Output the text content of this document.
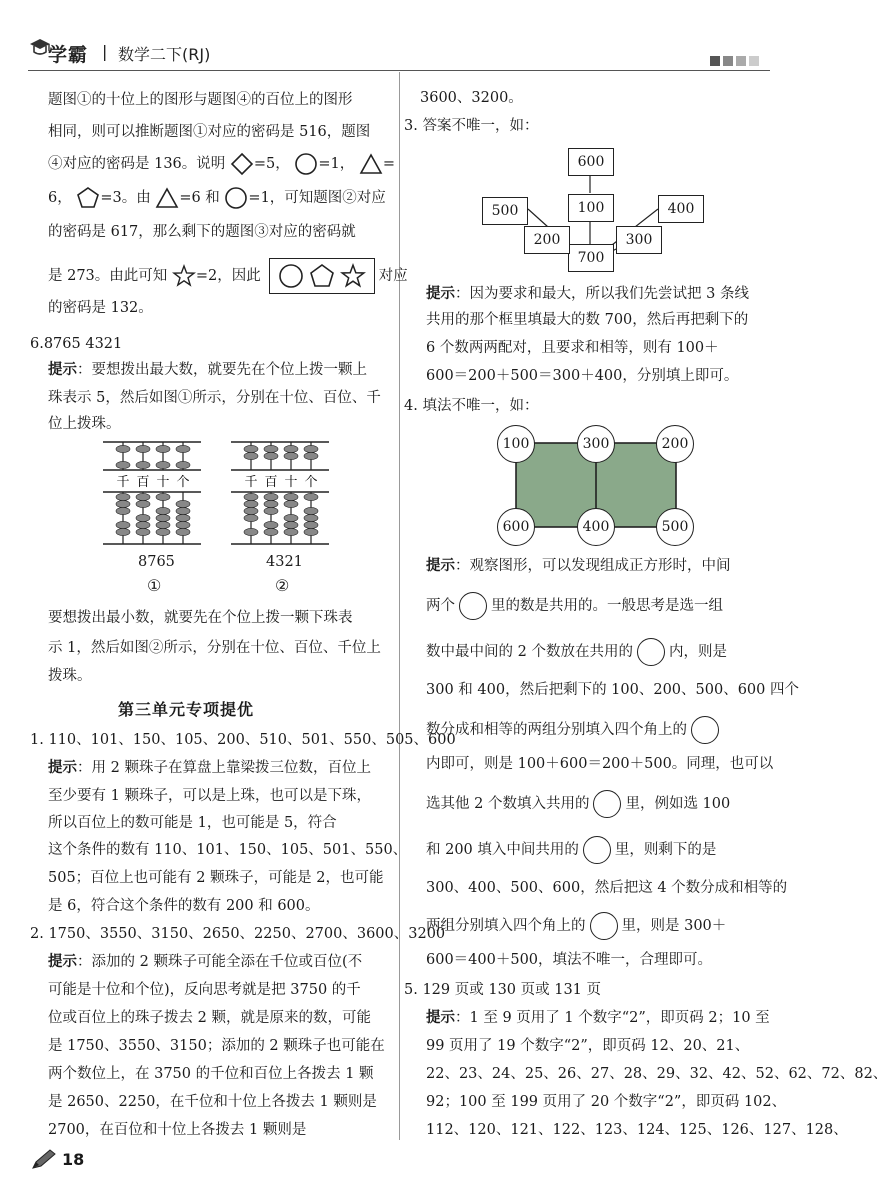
学霸 | 数学二下(RJ)
题图①的十位上的图形与题图④的百位上的图形
相同，则可以推断题图①对应的密码是 516，题图
④对应的密码是 136。说明 =5， =1， =
6， =3。由 =6 和 =1，可知题图②对应
的密码是 617，那么剩下的题图③对应的密码就
是 273。由此可知 =2，因此	对应
的密码是 132。
6.8765 4321
提示：要想拨出最大数，就要先在个位上拨一颗上
珠表示 5，然后如图①所示，分别在十位、百位、千
位上拨珠。
千 百 十 个	千 百 十 个
8765	4321
①	②
要想拨出最小数，就要先在个位上拨一颗下珠表
示 1，然后如图②所示，分别在十位、百位、千位上
拨珠。
第三单元专项提优
1. 110、101、150、105、200、510、501、550、505、600
提示：用 2 颗珠子在算盘上靠梁拨三位数，百位上
至少要有 1 颗珠子，可以是上珠，也可以是下珠，
所以百位上的数可能是 1，也可能是 5，符合
这个条件的数有 110、101、150、105、501、550、
505；百位上也可能有 2 颗珠子，可能是 2，也可能
是 6，符合这个条件的数有 200 和 600。
2. 1750、3550、3150、2650、2250、2700、3600、3200
提示：添加的 2 颗珠子可能全添在千位或百位(不
可能是十位和个位)，反向思考就是把 3750 的千
位或百位上的珠子拨去 2 颗，就是原来的数，可能
是 1750、3550、3150；添加的 2 颗珠子也可能在
两个数位上，在 3750 的千位和百位上各拨去 1 颗
是 2650、2250，在千位和十位上各拨去 1 颗则是
2700，在百位和十位上各拨去 1 颗则是
18
3600、3200。
3. 答案不唯一，如：
600
100
700
500
200
400
300
提示：因为要求和最大，所以我们先尝试把 3 条线
共用的那个框里填最大的数 700，然后再把剩下的
6 个数两两配对，且要求和相等，则有 100＋
600＝200＋500＝300＋400，分别填上即可。
4. 填法不唯一，如：
100	300	200
600	400	500
提示：观察图形，可以发现组成正方形时，中间
两个 里的数是共用的。一般思考是选一组
数中最中间的 2 个数放在共用的 内，则是
300 和 400，然后把剩下的 100、200、500、600 四个
数分成和相等的两组分别填入四个角上的
内即可，则是 100＋600＝200＋500。同理，也可以
选其他 2 个数填入共用的 里，例如选 100
和 200 填入中间共用的 里，则剩下的是
300、400、500、600，然后把这 4 个数分成和相等的
两组分别填入四个角上的 里，则是 300＋
600＝400＋500，填法不唯一，合理即可。
5. 129 页或 130 页或 131 页
提示：1 至 9 页用了 1 个数字“2”，即页码 2；10 至
99 页用了 19 个数字“2”，即页码 12、20、21、
22、23、24、25、26、27、28、29、32、42、52、62、72、82、
92；100 至 199 页用了 20 个数字“2”，即页码 102、
112、120、121、122、123、124、125、126、127、128、
